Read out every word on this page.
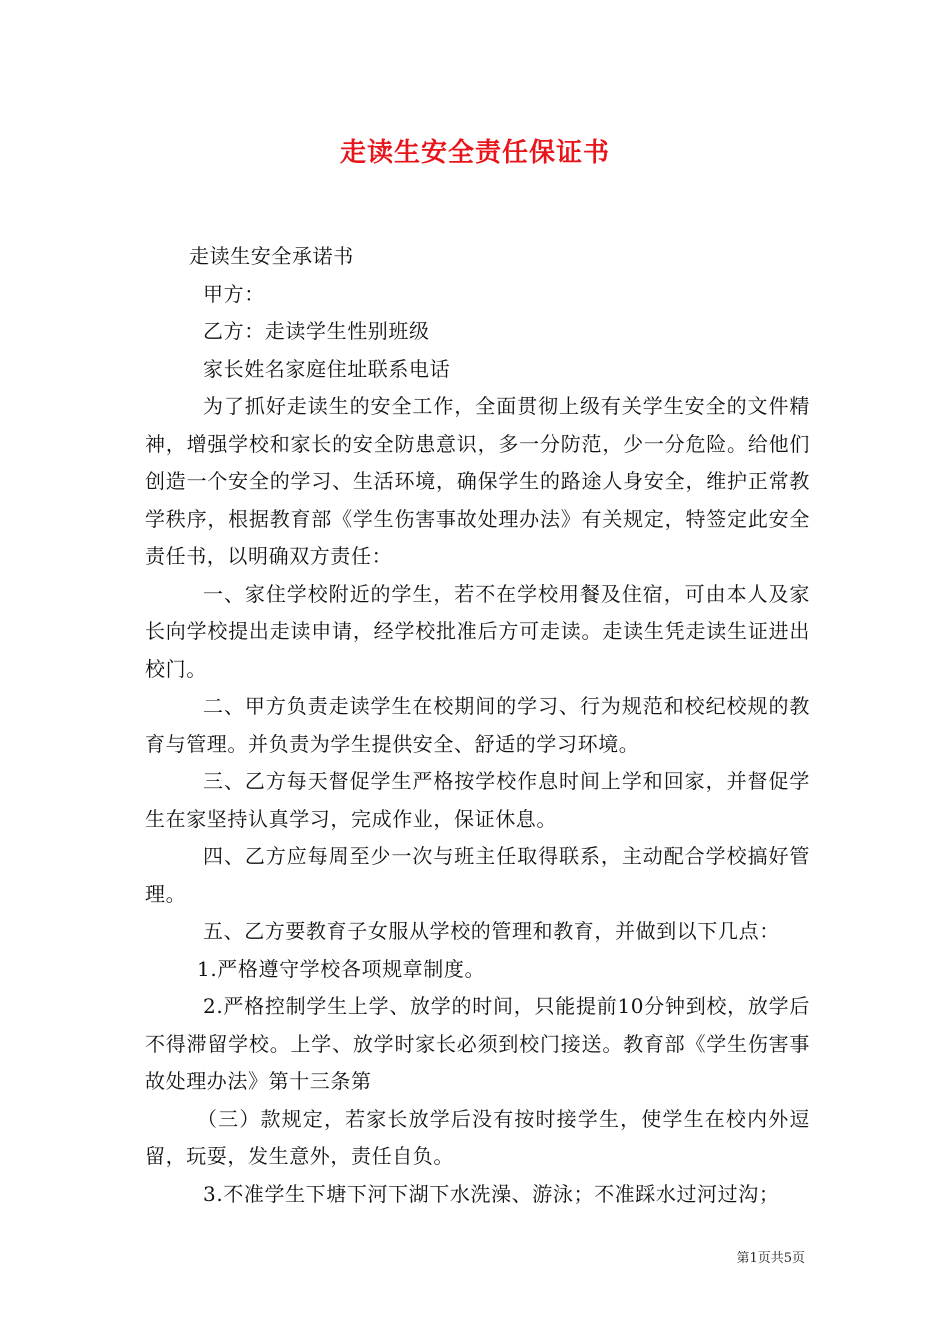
走读生安全责任保证书

走读生安全承诺书

甲方：

乙方：走读学生性别班级

家长姓名家庭住址联系电话

为了抓好走读生的安全工作，全面贯彻上级有关学生安全的文件精神，增强学校和家长的安全防患意识，多一分防范，少一分危险。给他们创造一个安全的学习、生活环境，确保学生的路途人身安全，维护正常教学秩序，根据教育部《学生伤害事故处理办法》有关规定，特签定此安全责任书，以明确双方责任：

一、家住学校附近的学生，若不在学校用餐及住宿，可由本人及家长向学校提出走读申请，经学校批准后方可走读。走读生凭走读生证进出校门。

二、甲方负责走读学生在校期间的学习、行为规范和校纪校规的教育与管理。并负责为学生提供安全、舒适的学习环境。

三、乙方每天督促学生严格按学校作息时间上学和回家，并督促学生在家坚持认真学习，完成作业，保证休息。

四、乙方应每周至少一次与班主任取得联系，主动配合学校搞好管理。

五、乙方要教育子女服从学校的管理和教育，并做到以下几点：

1.严格遵守学校各项规章制度。

2.严格控制学生上学、放学的时间，只能提前10分钟到校，放学后不得滞留学校。上学、放学时家长必须到校门接送。教育部《学生伤害事故处理办法》第十三条第

（三）款规定，若家长放学后没有按时接学生，使学生在校内外逗留，玩耍，发生意外，责任自负。

3.不准学生下塘下河下湖下水洗澡、游泳；不准踩水过河过沟；

第1页共5页
